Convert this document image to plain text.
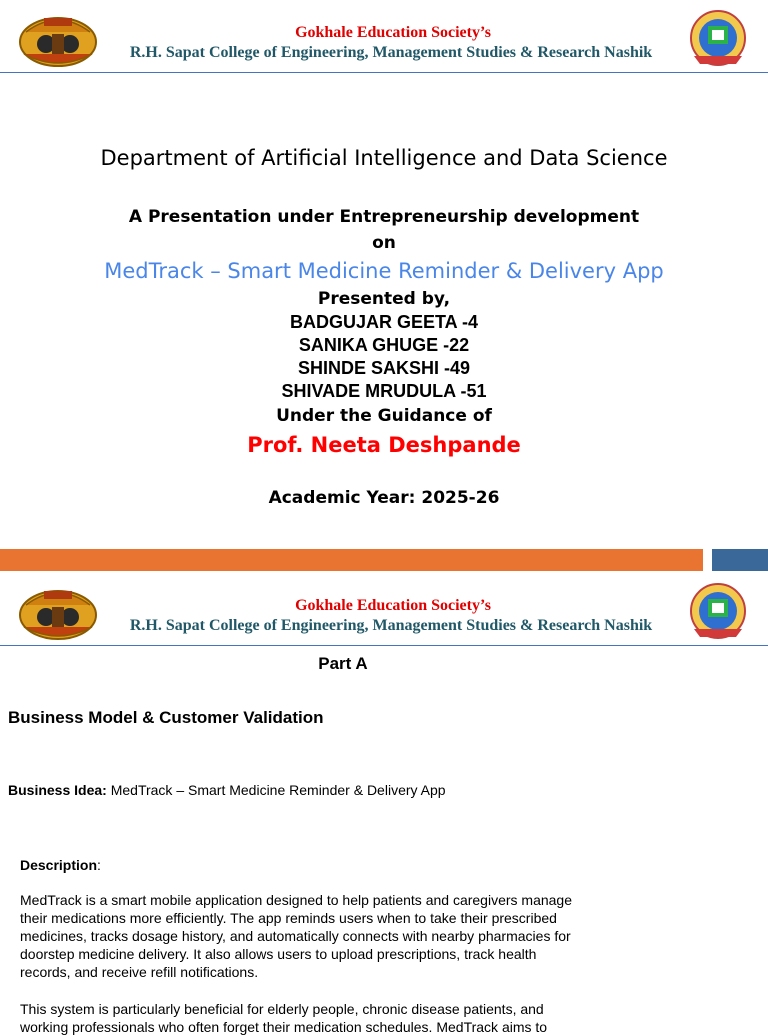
Gokhale Education Society’s
R.H. Sapat College of Engineering, Management Studies & Research Nashik
Department of Artificial Intelligence and Data Science
A Presentation under Entrepreneurship development
on
MedTrack – Smart Medicine Reminder & Delivery App
Presented by,
BADGUJAR GEETA -4
SANIKA GHUGE -22
SHINDE SAKSHI -49
SHIVADE MRUDULA -51
Under the Guidance of
Prof. Neeta Deshpande
Academic Year: 2025-26
Gokhale Education Society’s
R.H. Sapat College of Engineering, Management Studies & Research Nashik
Part A
Business Model & Customer Validation
Business Idea: MedTrack – Smart Medicine Reminder & Delivery App
Description:
MedTrack is a smart mobile application designed to help patients and caregivers manage their medications more efficiently. The app reminds users when to take their prescribed medicines, tracks dosage history, and automatically connects with nearby pharmacies for doorstep medicine delivery. It also allows users to upload prescriptions, track health records, and receive refill notifications.
This system is particularly beneficial for elderly people, chronic disease patients, and working professionals who often forget their medication schedules. MedTrack aims to
